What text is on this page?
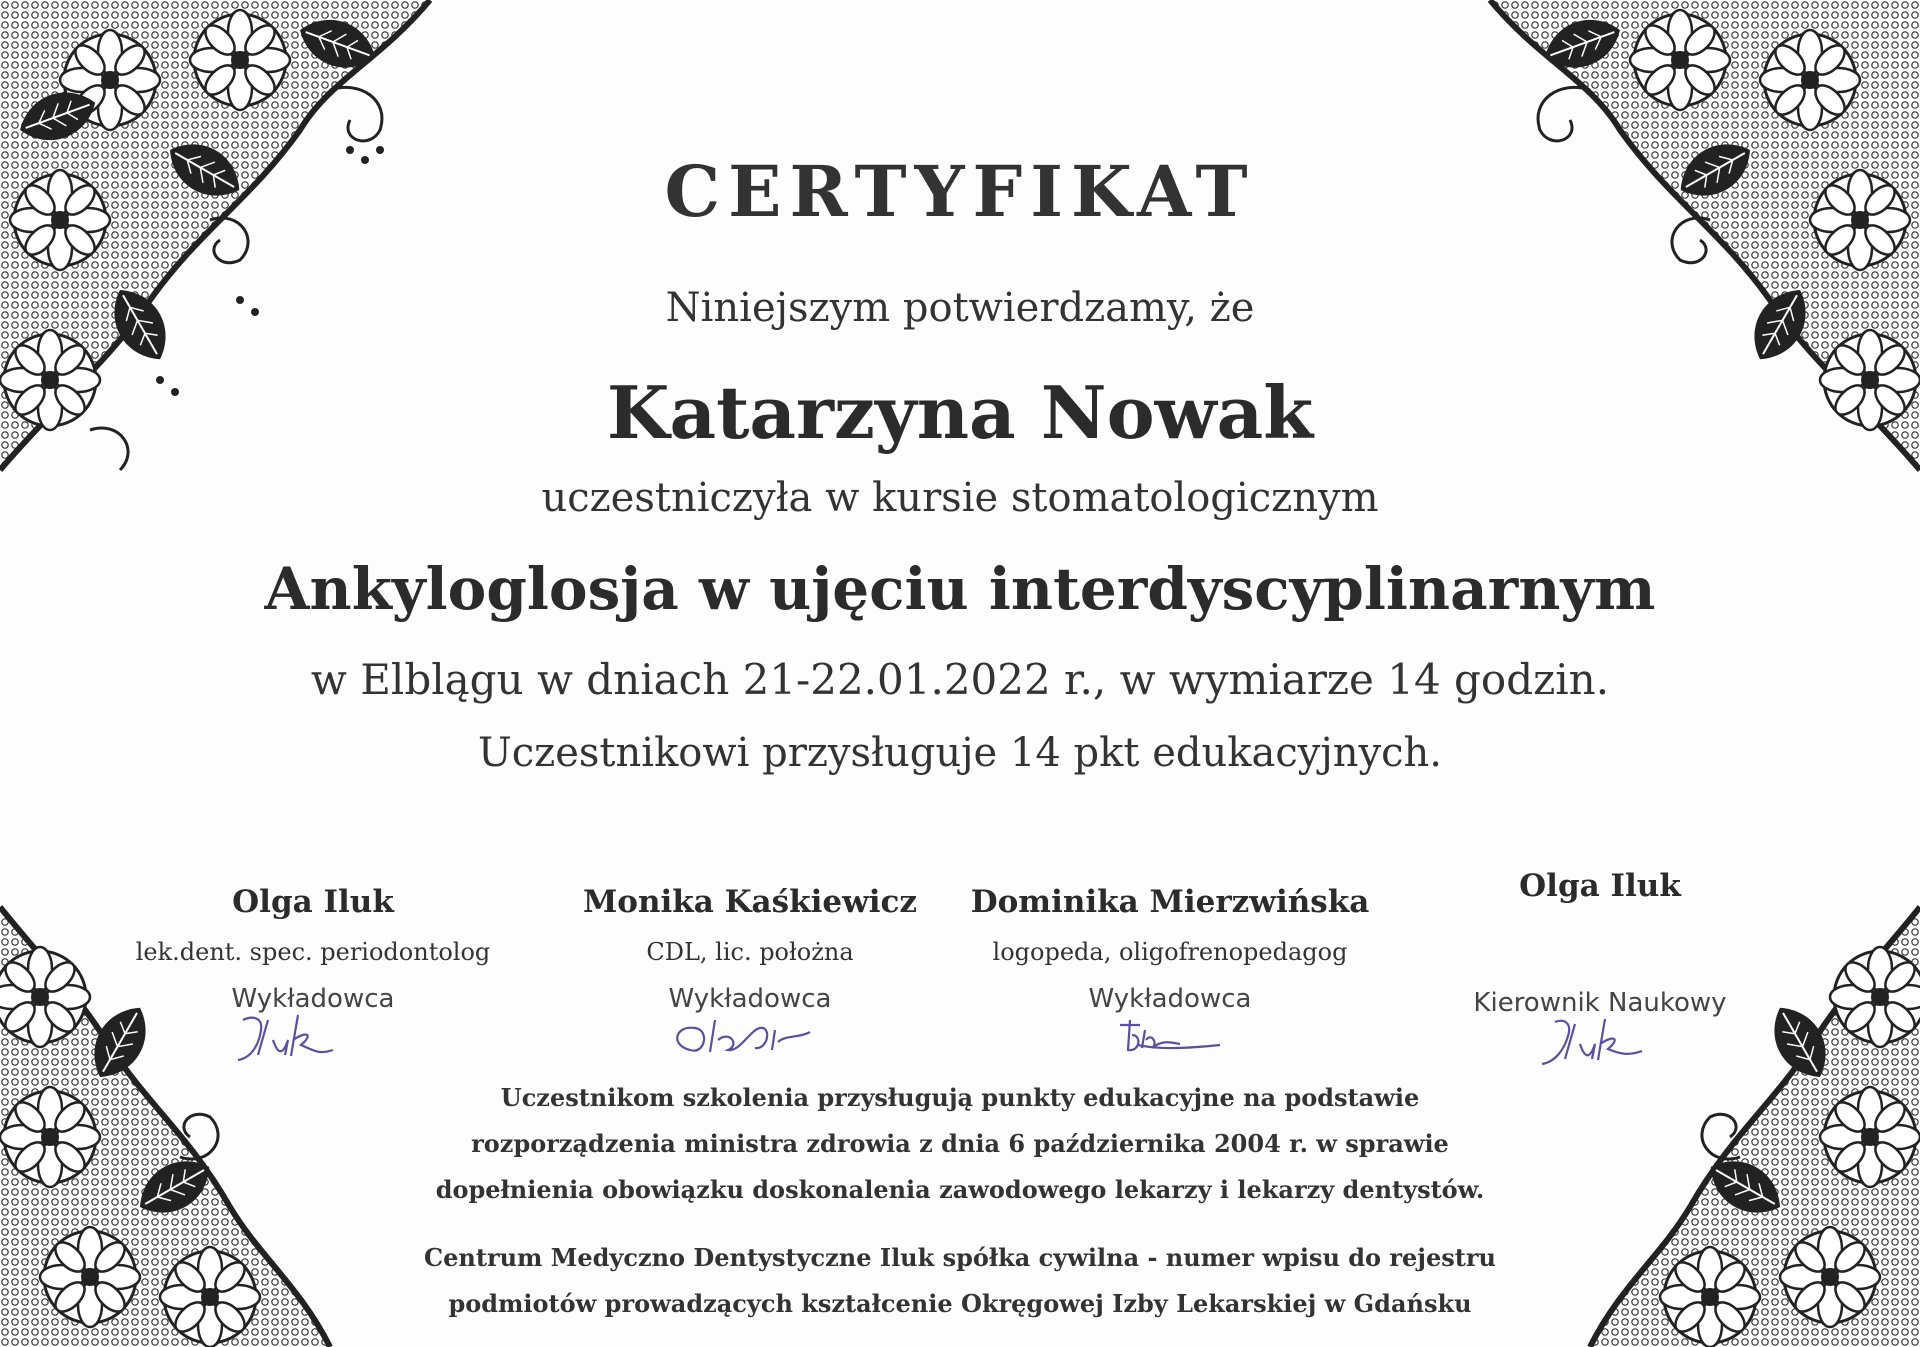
CERTYFIKAT
Niniejszym potwierdzamy, że
Katarzyna Nowak
uczestniczyła w kursie stomatologicznym
Ankyloglosja w ujęciu interdyscyplinarnym
w Elblągu w dniach 21-22.01.2022 r., w wymiarze 14 godzin.
Uczestnikowi przysługuje 14 pkt edukacyjnych.
Olga Iluk
lek.dent. spec. periodontolog
Wykładowca
Monika Kaśkiewicz
CDL, lic. położna
Wykładowca
Dominika Mierzwińska
logopeda, oligofrenopedagog
Wykładowca
Olga Iluk
Kierownik Naukowy
Uczestnikom szkolenia przysługują punkty edukacyjne na podstawie
rozporządzenia ministra zdrowia z dnia 6 października 2004 r. w sprawie
dopełnienia obowiązku doskonalenia zawodowego lekarzy i lekarzy dentystów.
Centrum Medyczno Dentystyczne Iluk spółka cywilna - numer wpisu do rejestru
podmiotów prowadzących kształcenie Okręgowej Izby Lekarskiej w Gdańsku
